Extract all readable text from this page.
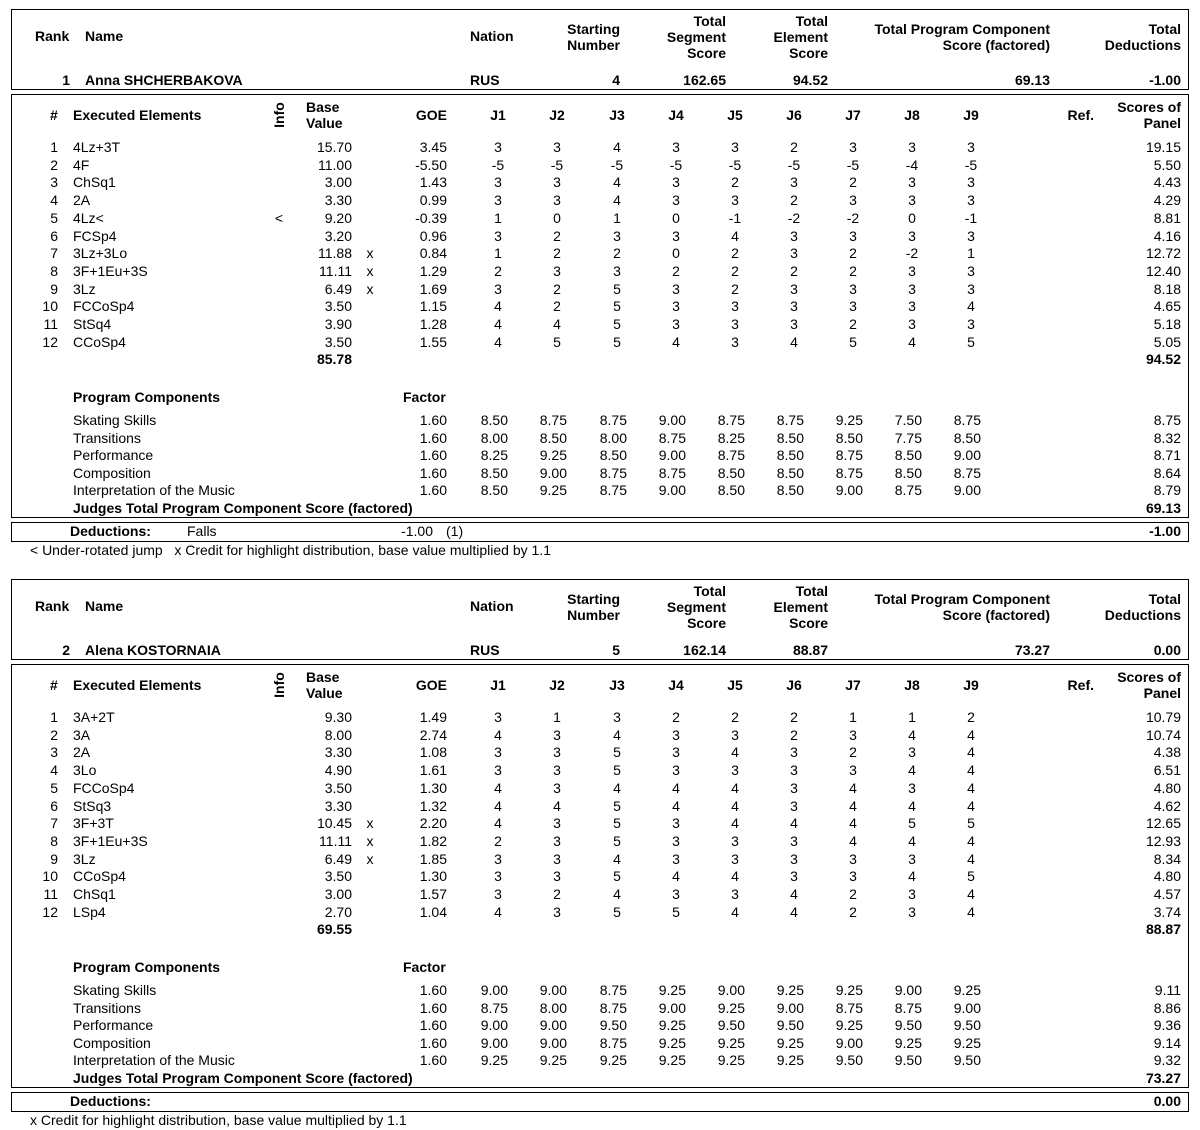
Rank Name	Nation	Starting
Number
Total
Segment
Score
Total
Element
Score
Total Program Component
Score (factored)
Total
Deductions
1 Anna SHCHERBAKOVA	RUS	4	162.65	94.52	69.13	-1.00
# Executed Elements	Info Base
Value	GOE	J1	J2	J3	J4	J5	J6	J7	J8	J9	Ref.	Scores of
Panel
1 4Lz+3T	15.70	3.45	3	3	4	3	3	2	3	3	3	19.15
2 4F	11.00	-5.50	-5	-5	-5	-5	-5	-5	-5	-4	-5	5.50
3 ChSq1	3.00	1.43	3	3	4	3	2	3	2	3	3	4.43
4 2A	3.30	0.99	3	3	4	3	3	2	3	3	3	4.29
5 4Lz<	<	9.20	-0.39	1	0	1	0	-1	-2	-2	0	-1	8.81
6 FCSp4	3.20	0.96	3	2	3	3	4	3	3	3	3	4.16
7 3Lz+3Lo	11.88	x	0.84	1	2	2	0	2	3	2	-2	1	12.72
8 3F+1Eu+3S	11.11	x	1.29	2	3	3	2	2	2	2	3	3	12.40
9 3Lz	6.49	x	1.69	3	2	5	3	2	3	3	3	3	8.18
10 FCCoSp4	3.50	1.15	4	2	5	3	3	3	3	3	4	4.65
11 StSq4	3.90	1.28	4	4	5	3	3	3	2	3	3	5.18
12 CCoSp4	3.50	1.55	4	5	5	4	3	4	5	4	5	5.05
85.78	94.52
Program Components	Factor
Skating Skills	1.60	8.50	8.75	8.75	9.00	8.75	8.75	9.25	7.50	8.75	8.75
Transitions	1.60	8.00	8.50	8.00	8.75	8.25	8.50	8.50	7.75	8.50	8.32
Performance	1.60	8.25	9.25	8.50	9.00	8.75	8.50	8.75	8.50	9.00	8.71
Composition	1.60	8.50	9.00	8.75	8.75	8.50	8.50	8.75	8.50	8.75	8.64
Interpretation of the Music	1.60	8.50	9.25	8.75	9.00	8.50	8.50	9.00	8.75	9.00	8.79
Judges Total Program Component Score (factored)	69.13
Deductions:	Falls	-1.00 (1)	-1.00
< Under-rotated jump   x Credit for highlight distribution, base value multiplied by 1.1
Rank Name	Nation	Starting
Number
Total
Segment
Score
Total
Element
Score
Total Program Component
Score (factored)
Total
Deductions
2 Alena KOSTORNAIA	RUS	5	162.14	88.87	73.27	0.00
# Executed Elements	Info Base
Value	GOE	J1	J2	J3	J4	J5	J6	J7	J8	J9	Ref.	Scores of
Panel
1 3A+2T	9.30	1.49	3	1	3	2	2	2	1	1	2	10.79
2 3A	8.00	2.74	4	3	4	3	3	2	3	4	4	10.74
3 2A	3.30	1.08	3	3	5	3	4	3	2	3	4	4.38
4 3Lo	4.90	1.61	3	3	5	3	3	3	3	4	4	6.51
5 FCCoSp4	3.50	1.30	4	3	4	4	4	3	4	3	4	4.80
6 StSq3	3.30	1.32	4	4	5	4	4	3	4	4	4	4.62
7 3F+3T	10.45	x	2.20	4	3	5	3	4	4	4	5	5	12.65
8 3F+1Eu+3S	11.11	x	1.82	2	3	5	3	3	3	4	4	4	12.93
9 3Lz	6.49	x	1.85	3	3	4	3	3	3	3	3	4	8.34
10 CCoSp4	3.50	1.30	3	3	5	4	4	3	3	4	5	4.80
11 ChSq1	3.00	1.57	3	2	4	3	3	4	2	3	4	4.57
12 LSp4	2.70	1.04	4	3	5	5	4	4	2	3	4	3.74
69.55	88.87
Program Components	Factor
Skating Skills	1.60	9.00	9.00	8.75	9.25	9.00	9.25	9.25	9.00	9.25	9.11
Transitions	1.60	8.75	8.00	8.75	9.00	9.25	9.00	8.75	8.75	9.00	8.86
Performance	1.60	9.00	9.00	9.50	9.25	9.50	9.50	9.25	9.50	9.50	9.36
Composition	1.60	9.00	9.00	8.75	9.25	9.25	9.25	9.00	9.25	9.25	9.14
Interpretation of the Music	1.60	9.25	9.25	9.25	9.25	9.25	9.25	9.50	9.50	9.50	9.32
Judges Total Program Component Score (factored)	73.27
Deductions:	0.00
x Credit for highlight distribution, base value multiplied by 1.1
